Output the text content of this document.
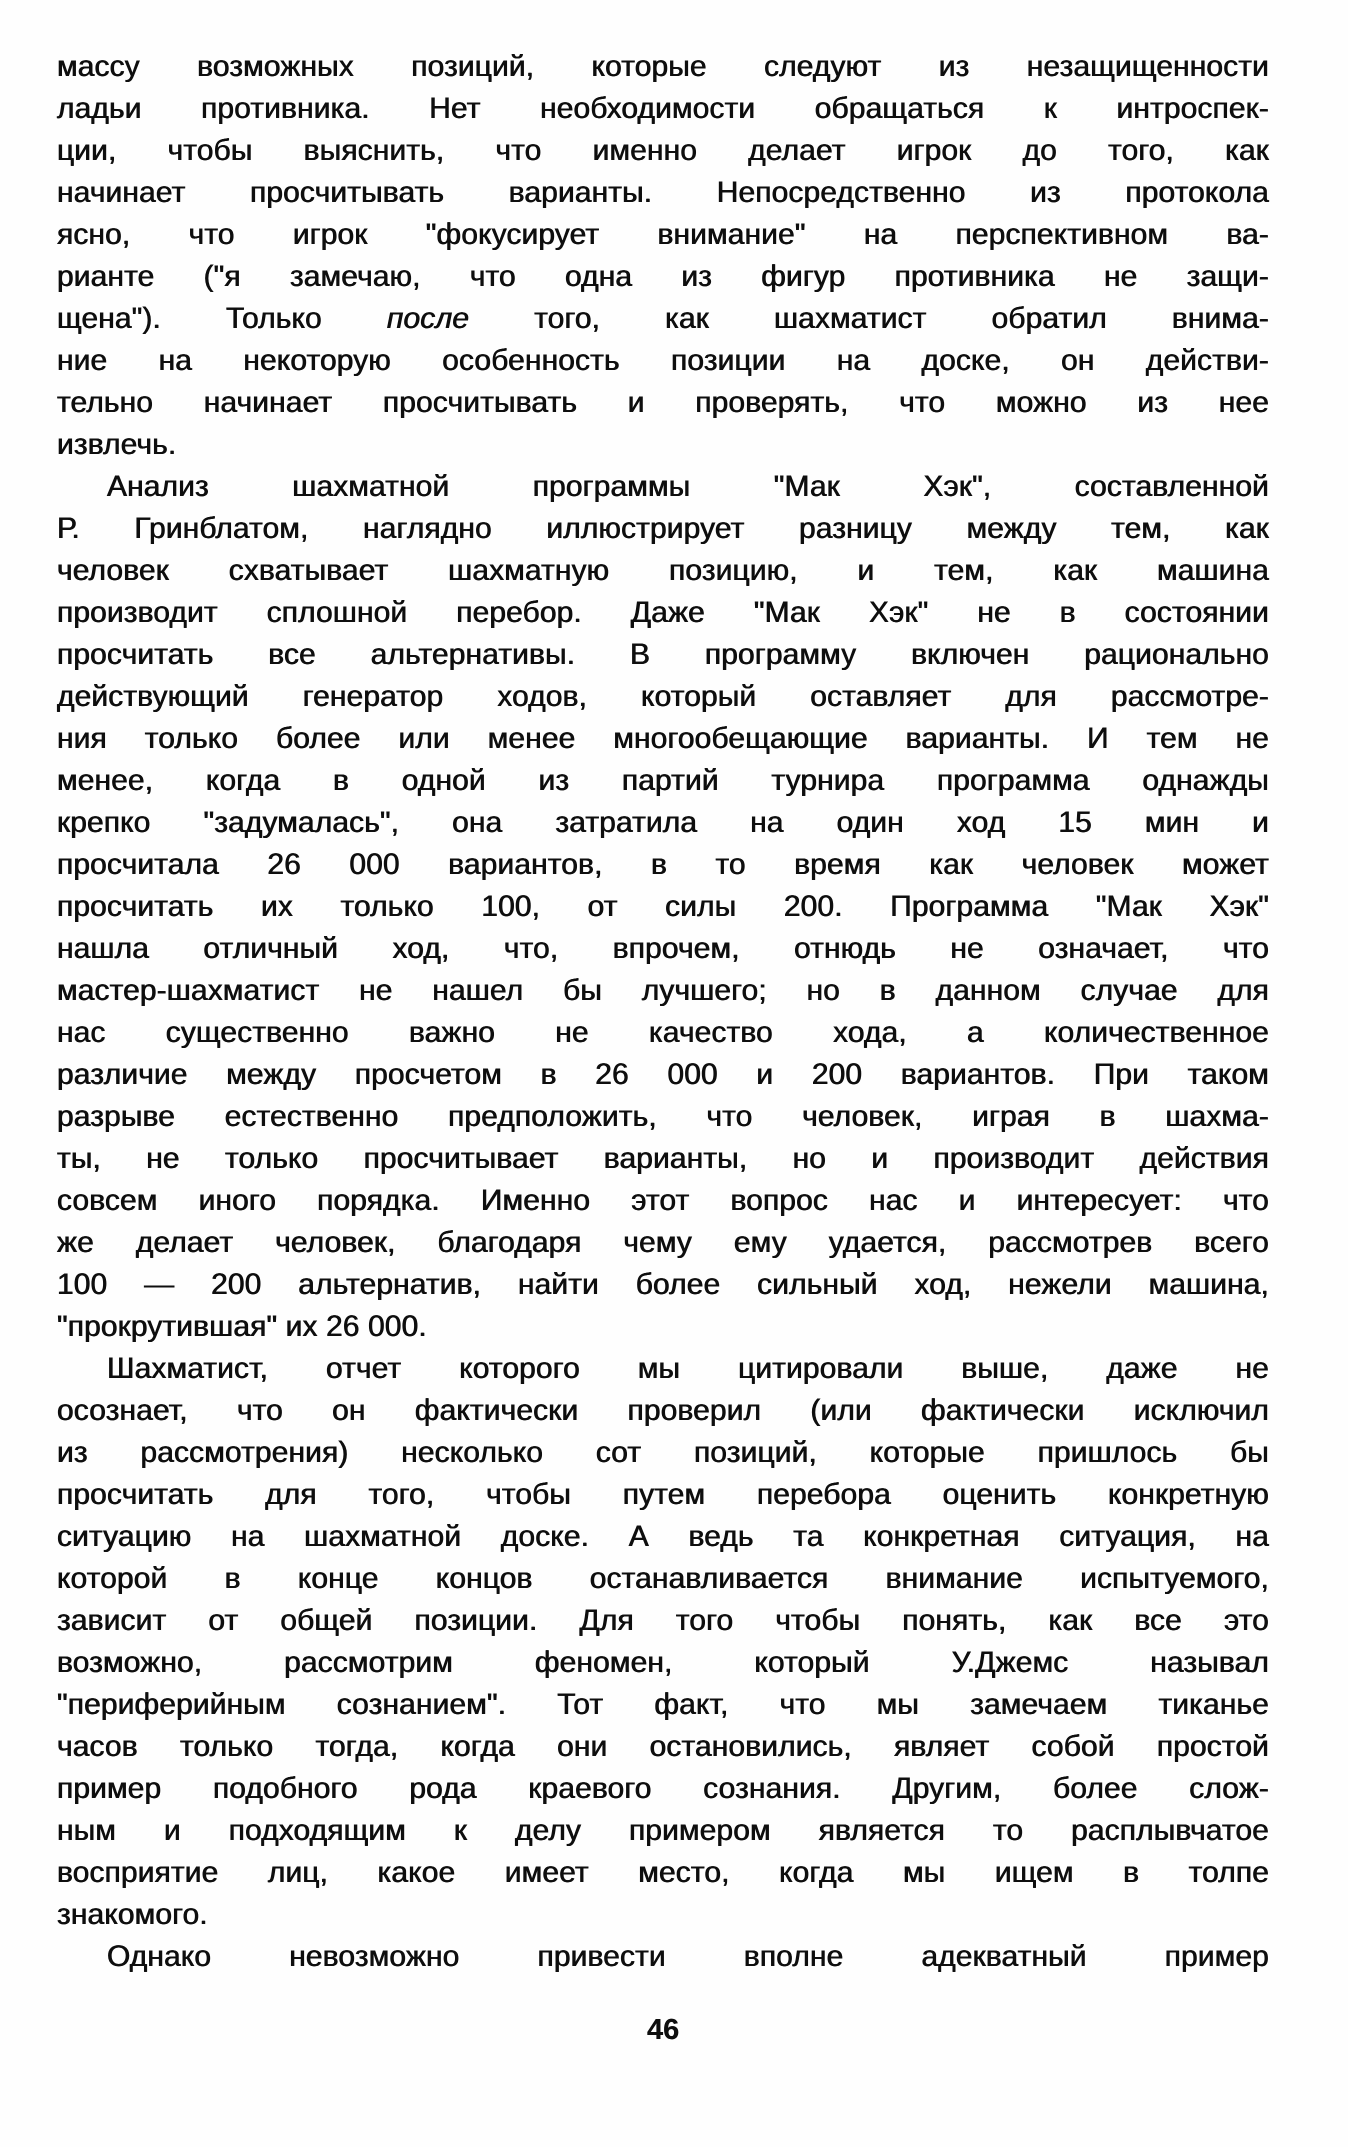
массу возможных позиций, которые следуют из незащищенности
ладьи противника. Нет необходимости обращаться к интроспек-
ции, чтобы выяснить, что именно делает игрок до того, как
начинает просчитывать варианты. Непосредственно из протокола
ясно, что игрок "фокусирует внимание" на перспективном ва-
рианте ("я замечаю, что одна из фигур противника не защи-
щена"). Только после того, как шахматист обратил внима-
ние на некоторую особенность позиции на доске, он действи-
тельно начинает просчитывать и проверять, что можно из нее
извлечь.
Анализ шахматной программы "Мак Хэк", составленной
Р. Гринблатом, наглядно иллюстрирует разницу между тем, как
человек схватывает шахматную позицию, и тем, как машина
производит сплошной перебор. Даже "Мак Хэк" не в состоянии
просчитать все альтернативы. В программу включен рационально
действующий генератор ходов, который оставляет для рассмотре-
ния только более или менее многообещающие варианты. И тем не
менее, когда в одной из партий турнира программа однажды
крепко "задумалась", она затратила на один ход 15 мин и
просчитала 26 000 вариантов, в то время как человек может
просчитать их только 100, от силы 200. Программа "Мак Хэк"
нашла отличный ход, что, впрочем, отнюдь не означает, что
мастер-шахматист не нашел бы лучшего; но в данном случае для
нас существенно важно не качество хода, а количественное
различие между просчетом в 26 000 и 200 вариантов. При таком
разрыве естественно предположить, что человек, играя в шахма-
ты, не только просчитывает варианты, но и производит действия
совсем иного порядка. Именно этот вопрос нас и интересует: что
же делает человек, благодаря чему ему удается, рассмотрев всего
100 — 200 альтернатив, найти более сильный ход, нежели машина,
"прокрутившая" их 26 000.
Шахматист, отчет которого мы цитировали выше, даже не
осознает, что он фактически проверил (или фактически исключил
из рассмотрения) несколько сот позиций, которые пришлось бы
просчитать для того, чтобы путем перебора оценить конкретную
ситуацию на шахматной доске. А ведь та конкретная ситуация, на
которой в конце концов останавливается внимание испытуемого,
зависит от общей позиции. Для того чтобы понять, как все это
возможно, рассмотрим феномен, который У.Джемс называл
"периферийным сознанием". Тот факт, что мы замечаем тиканье
часов только тогда, когда они остановились, являет собой простой
пример подобного рода краевого сознания. Другим, более слож-
ным и подходящим к делу примером является то расплывчатое
восприятие лиц, какое имеет место, когда мы ищем в толпе
знакомого.
Однако невозможно привести вполне адекватный пример
46
